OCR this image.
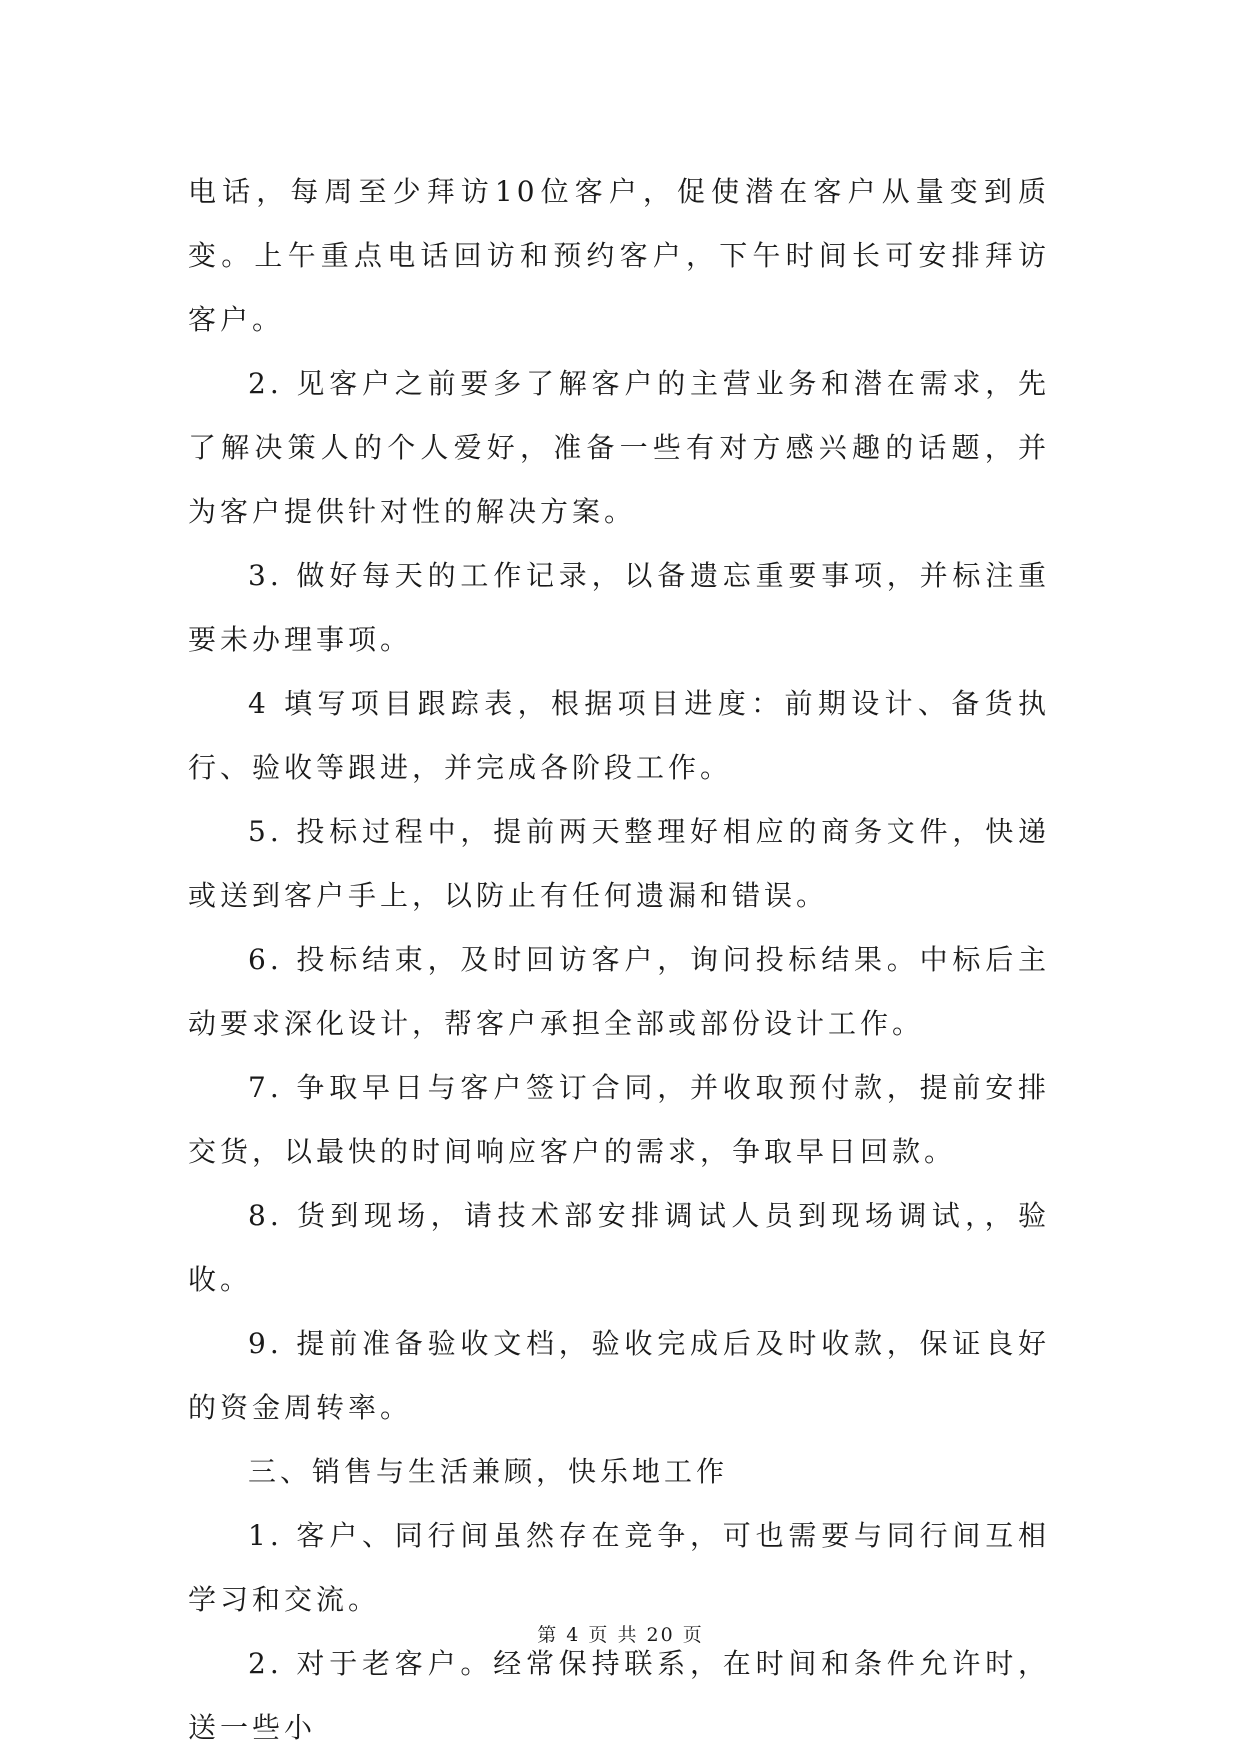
电话，每周至少拜访10位客户，促使潜在客户从量变到质变。上午重点电话回访和预约客户，下午时间长可安排拜访客户。

2. 见客户之前要多了解客户的主营业务和潜在需求，先了解决策人的个人爱好，准备一些有对方感兴趣的话题，并为客户提供针对性的解决方案。

3. 做好每天的工作记录，以备遗忘重要事项，并标注重要未办理事项。

4 填写项目跟踪表，根据项目进度：前期设计、备货执行、验收等跟进，并完成各阶段工作。

5. 投标过程中，提前两天整理好相应的商务文件，快递或送到客户手上，以防止有任何遗漏和错误。

6. 投标结束，及时回访客户，询问投标结果。中标后主动要求深化设计，帮客户承担全部或部份设计工作。

7. 争取早日与客户签订合同，并收取预付款，提前安排交货，以最快的时间响应客户的需求，争取早日回款。

8. 货到现场，请技术部安排调试人员到现场调试，，验收。

9. 提前准备验收文档，验收完成后及时收款，保证良好的资金周转率。

三、销售与生活兼顾，快乐地工作

1. 客户、同行间虽然存在竞争，可也需要与同行间互相学习和交流。

2. 对于老客户。经常保持联系，在时间和条件允许时，送一些小

第 4 页 共 20 页
